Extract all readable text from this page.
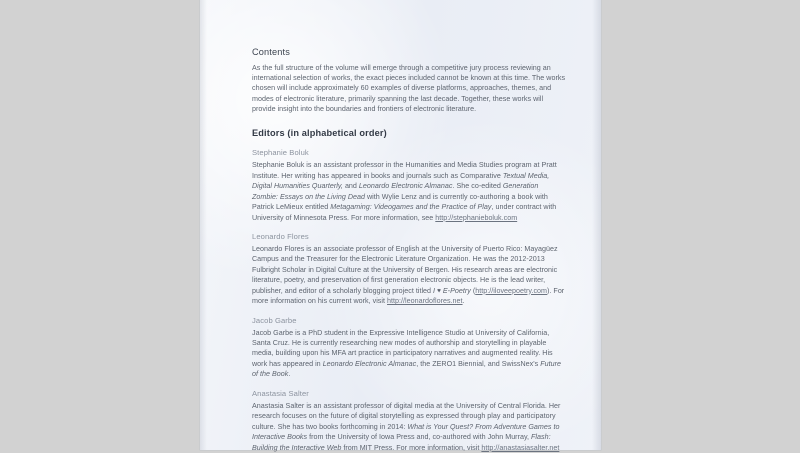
Contents

As the full structure of the volume will emerge through a competitive jury process reviewing an international selection of works, the exact pieces included cannot be known at this time. The works chosen will include approximately 60 examples of diverse platforms, approaches, themes, and modes of electronic literature, primarily spanning the last decade. Together, these works will provide insight into the boundaries and frontiers of electronic literature.

Editors (in alphabetical order)
Stephanie Boluk

Stephanie Boluk is an assistant professor in the Humanities and Media Studies program at Pratt Institute. Her writing has appeared in books and journals such as Comparative Textual Media, Digital Humanities Quarterly, and Leonardo Electronic Almanac. She co-edited Generation Zombie: Essays on the Living Dead with Wylie Lenz and is currently co-authoring a book with Patrick LeMieux entitled Metagaming: Videogames and the Practice of Play, under contract with University of Minnesota Press. For more information, see http://stephanieboluk.com

Leonardo Flores

Leonardo Flores is an associate professor of English at the University of Puerto Rico: Mayagüez Campus and the Treasurer for the Electronic Literature Organization. He was the 2012-2013 Fulbright Scholar in Digital Culture at the University of Bergen. His research areas are electronic literature, poetry, and preservation of first generation electronic objects. He is the lead writer, publisher, and editor of a scholarly blogging project titled I ♥ E-Poetry (http://iloveepoetry.com). For more information on his current work, visit http://leonardoflores.net.

Jacob Garbe

Jacob Garbe is a PhD student in the Expressive Intelligence Studio at University of California, Santa Cruz. He is currently researching new modes of authorship and storytelling in playable media, building upon his MFA art practice in participatory narratives and augmented reality. His work has appeared in Leonardo Electronic Almanac, the ZERO1 Biennial, and SwissNex's Future of the Book.

Anastasia Salter

Anastasia Salter is an assistant professor of digital media at the University of Central Florida. Her research focuses on the future of digital storytelling as expressed through play and participatory culture. She has two books forthcoming in 2014: What is Your Quest? From Adventure Games to Interactive Books from the University of Iowa Press and, co-authored with John Murray, Flash: Building the Interactive Web from MIT Press. For more information, visit http://anastasiasalter.net
